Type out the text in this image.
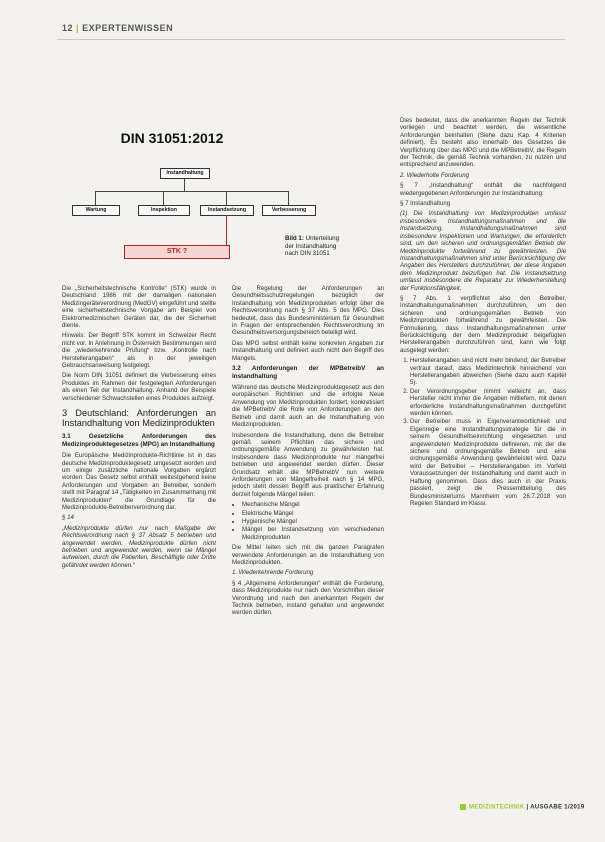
12 | EXPERTENWISSEN
DIN 31051:2012
Instandhaltung
Wartung	Inspektion	Instandsetzung	Verbesserung
STK ?
Bild 1: Unterteilung der Instandhaltung nach DIN 31051

Die „Sicherheitstechnische Kontrolle“ (STK) wurde in Deutschland 1986 mit der damaligen nationalen Medizingeräteverordnung (MedGV) eingeführt und stellte eine sicherheitstechnische Vorgabe am Beispiel von Elektromedizinischen Geräten dar, die der Sicherheit diente.

Hinweis: Der Begriff STK kommt im Schweizer Recht nicht vor. In Anlehnung in Österreich Bestimmungen wird die „wiederkehrende Prüfung“ bzw. „Kontrolle nach Herstellerangaben“ als in der jeweiligen Gebrauchsanweisung festgelegt.

Die Norm DIN 31051 definiert die Verbesserung eines Produktes im Rahmen der festgelegten Anforderungen als einen Teil der Instandhaltung. Anhand der Beispiele verschiedener Schwachstellen eines Produktes aufzeigt.

3 Deutschland: Anforderungen an Instandhaltung von Medizinprodukten
3.1 Gesetzliche Anforderungen des Medizinproduktegesetzes (MPG) an Instandhaltung

Die Europäische Medizinprodukte-Richtlinie ist in das deutsche Medizinproduktegesetz umgesetzt worden und um einige zusätzliche nationale Vorgaben ergänzt worden. Das Gesetz selbst enthält weitestgehend keine Anforderungen und Vorgaben an Betreiber, sondern stellt mit Paragraf 14 „Tätigkeiten im Zusammenhang mit Medizinprodukten“ die Grundlage für die Medizinprodukte-Betreiberverordnung dar.

§ 14

„Medizinprodukte dürfen nur nach Maßgabe der Rechtsverordnung nach § 37 Absatz 5 betrieben und angewendet werden. Medizinprodukte dürfen nicht betrieben und angewendet werden, wenn sie Mängel aufweisen, durch die Patienten, Beschäftigte oder Dritte gefährdet werden können.“

Die Regelung der Anforderungen an Gesundheitsschutzregelungen bezüglich der Instandhaltung von Medizinprodukten erfolgt über die Rechtsverordnung nach § 37 Abs. 5 des MPG. Dies bedeutet, dass das Bundesministerium für Gesundheit in Fragen der entsprechenden Rechtsverordnung Im Gesundheitsversorgungsbereich beteiligt wird.

Das MPG selbst enthält keine konkreten Angaben zur Instandhaltung und definiert auch nicht den Begriff des Mangels.

3.2 Anforderungen der MPBetreibV an Instandhaltung

Während das deutsche Medizinproduktegesetz aus den europäischen Richtlinien und die erfolgte Neue Anwendung von Medizinprodukten fordert, konkretisiert die MPBetreibV die Rolle von Anforderungen an den Betrieb und damit auch an die Instandhaltung von Medizinprodukten.

Insbesondere die Instandhaltung, denn die Betreiber gemäß seinem Pflichten das sichere und ordnungsgemäße Anwendung zu gewährleisten hat. Insbesondere dass Medizinprodukte nur mängelfrei betrieben und angewendet werden dürfen. Dieser Grundsatz erhält die MPBetreibV nun weitere Anforderungen von Mängelfreiheit nach § 14 MPG, jedoch steht dessen Begriff aus praktischer Erfahrung derzeit folgende Mängel teilen:

• Mechanische Mängel
• Elektrische Mängel
• Hygienische Mängel
• Mängel bei Instandsetzung von verschiedenen Medizinprodukten

Die Mittel leiten sich mit die ganzen Paragrafen verwendete Anforderungen an die Instandhaltung von Medizinprodukten.

1. Wiederkehrende Forderung

§ 4 „Allgemeine Anforderungen“ enthält die Forderung, dass Medizinprodukte nur nach den Vorschriften dieser Verordnung und nach den anerkannten Regeln der Technik betrieben, instand gehalten und angewendet werden dürfen.

Dies bedeutet, dass die anerkannten Regeln der Technik vorliegen und beachtet werden, die wesentliche Anforderungen beinhalten (Siehe dazu Kap. 4 Kriterien definiert). Es besteht also innerhalb des Gesetzes die Verpflichtung über das MPG und die MPBetreibV, die Regeln der Technik, die gemäß Technik vorhanden, zu nutzen und entsprechend anzuwenden.

2. Wiederholte Forderung

§ 7 „Instandhaltung“ enthält die nachfolgend wiedergegebenen Anforderungen zur Instandhaltung:

§ 7 Instandhaltung

(1) Die Instandhaltung von Medizinprodukten umfasst insbesondere Instandhaltungsmaßnahmen und die Instandsetzung. Instandhaltungsmaßnahmen sind insbesondere Inspektionen und Wartungen, die erforderlich sind, um den sicheren und ordnungsgemäßen Betrieb der Medizinprodukte fortwährend zu gewährleisten. Die Instandhaltungsmaßnahmen sind unter Berücksichtigung der Angaben des Herstellers durchzuführen, der diese Angaben dem Medizinprodukt beizufügen hat. Die Instandsetzung umfasst insbesondere die Reparatur zur Wiederherstellung der Funktionsfähigkeit.

§ 7 Abs. 1 verpflichtet also den Betreiber, Instandhaltungsmaßnahmen durchzuführen, um den sicheren und ordnungsgemäßen Betrieb von Medizinprodukten fortwährend zu gewährleisten. Die Formulierung, dass Instandhaltungsmaßnahmen unter Berücksichtigung der dem Medizinprodukt beigefügten Herstellerangaben durchzuführen sind, kann wie folgt ausgelegt werden:

1. Herstellerangaben sind nicht mehr bindend; der Betreiber vertraut darauf, dass Medizintechnik hinreichend von Herstellerangaben abweichen (Siehe dazu auch Kapitel 5).
2. Der Verordnungsgeber nimmt vielleicht an, dass Hersteller nicht immer die Angaben mitliefern, mit denen erforderliche Instandhaltungsmaßnahmen durchgeführt werden können.
3. Der Betreiber muss in Eigenverantwortlichkeit und Eigenregie eine Instandhaltungsstrategie für die in seinem Gesundheitseinrichtung eingesetzten und angewendeten Medizinprodukte definieren, mit der die sichere und ordnungsgemäße Betrieb und eine ordnungsgemäße Anwendung gewährleistet wird. Dazu wird der Betreiber – Herstellerangaben im Vorfeld Voraussetzungen der Instandhaltung und damit auch in Haftung genommen. Dass dies auch in der Praxis passiert, zeigt die Pressemitteilung des Bundesministeriums Mannheim vom 26.7.2018 von Regelen Standard im Klassi.
MEDIZINTECHNIK | AUSGABE 1/2019
